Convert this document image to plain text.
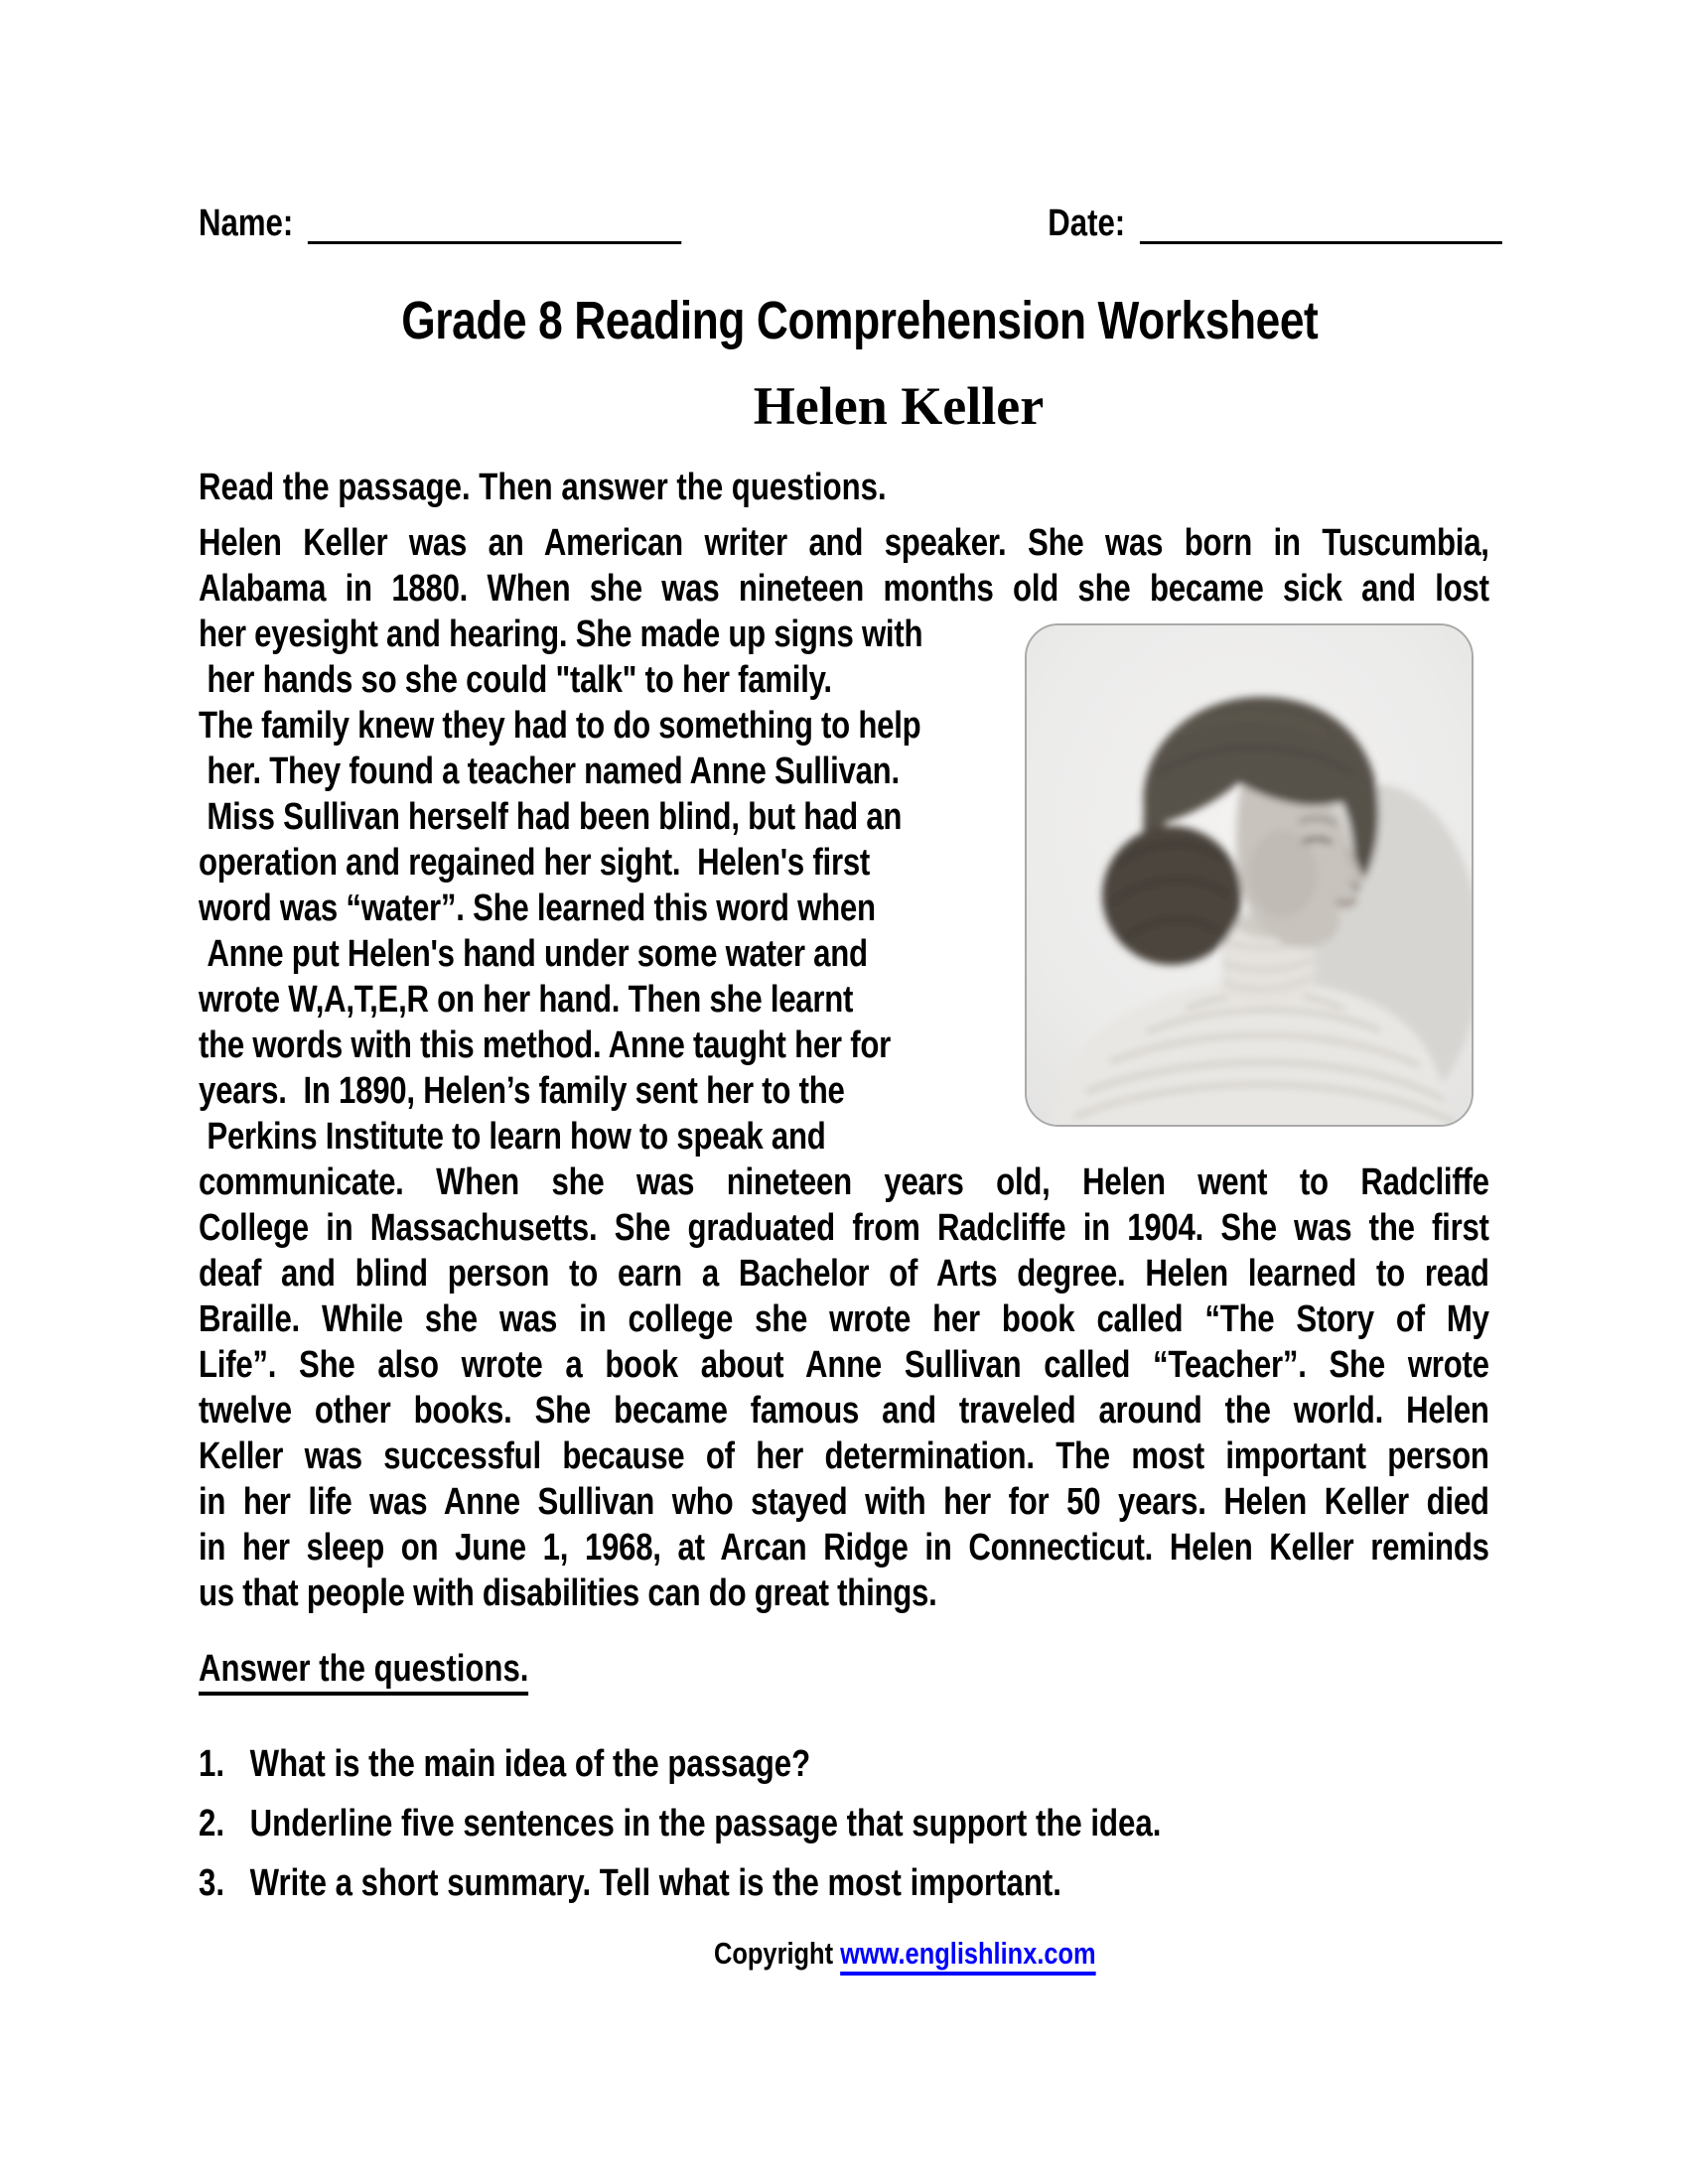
Helen Keller
Name:	Date:
Grade 8 Reading Comprehension Worksheet
Read the passage. Then answer the questions.
Helen Keller was an American writer and speaker. She was born in Tuscumbia,
Alabama in 1880. When she was nineteen months old she became sick and lost
her eyesight and hearing. She made up signs with
her hands so she could "talk" to her family.
The family knew they had to do something to help
her. They found a teacher named Anne Sullivan.
Miss Sullivan herself had been blind, but had an
operation and regained her sight.  Helen's first
word was “water”. She learned this word when
Anne put Helen's hand under some water and
wrote W,A,T,E,R on her hand. Then she learnt
the words with this method. Anne taught her for
years.  In 1890, Helen’s family sent her to the
Perkins Institute to learn how to speak and
communicate. When she was nineteen years old, Helen went to Radcliffe
College in Massachusetts. She graduated from Radcliffe in 1904. She was the first
deaf and blind person to earn a Bachelor of Arts degree. Helen learned to read
Braille. While she was in college she wrote her book called “The Story of My
Life”. She also wrote a book about Anne Sullivan called “Teacher”. She wrote
twelve other books. She became famous and traveled around the world. Helen
Keller was successful because of her determination. The most important person
in her life was Anne Sullivan who stayed with her for 50 years. Helen Keller died
in her sleep on June 1, 1968, at Arcan Ridge in Connecticut. Helen Keller reminds
us that people with disabilities can do great things.
Answer the questions.
1. What is the main idea of the passage?
2. Underline five sentences in the passage that support the idea.
3. Write a short summary. Tell what is the most important.
Copyright www.englishlinx.com
